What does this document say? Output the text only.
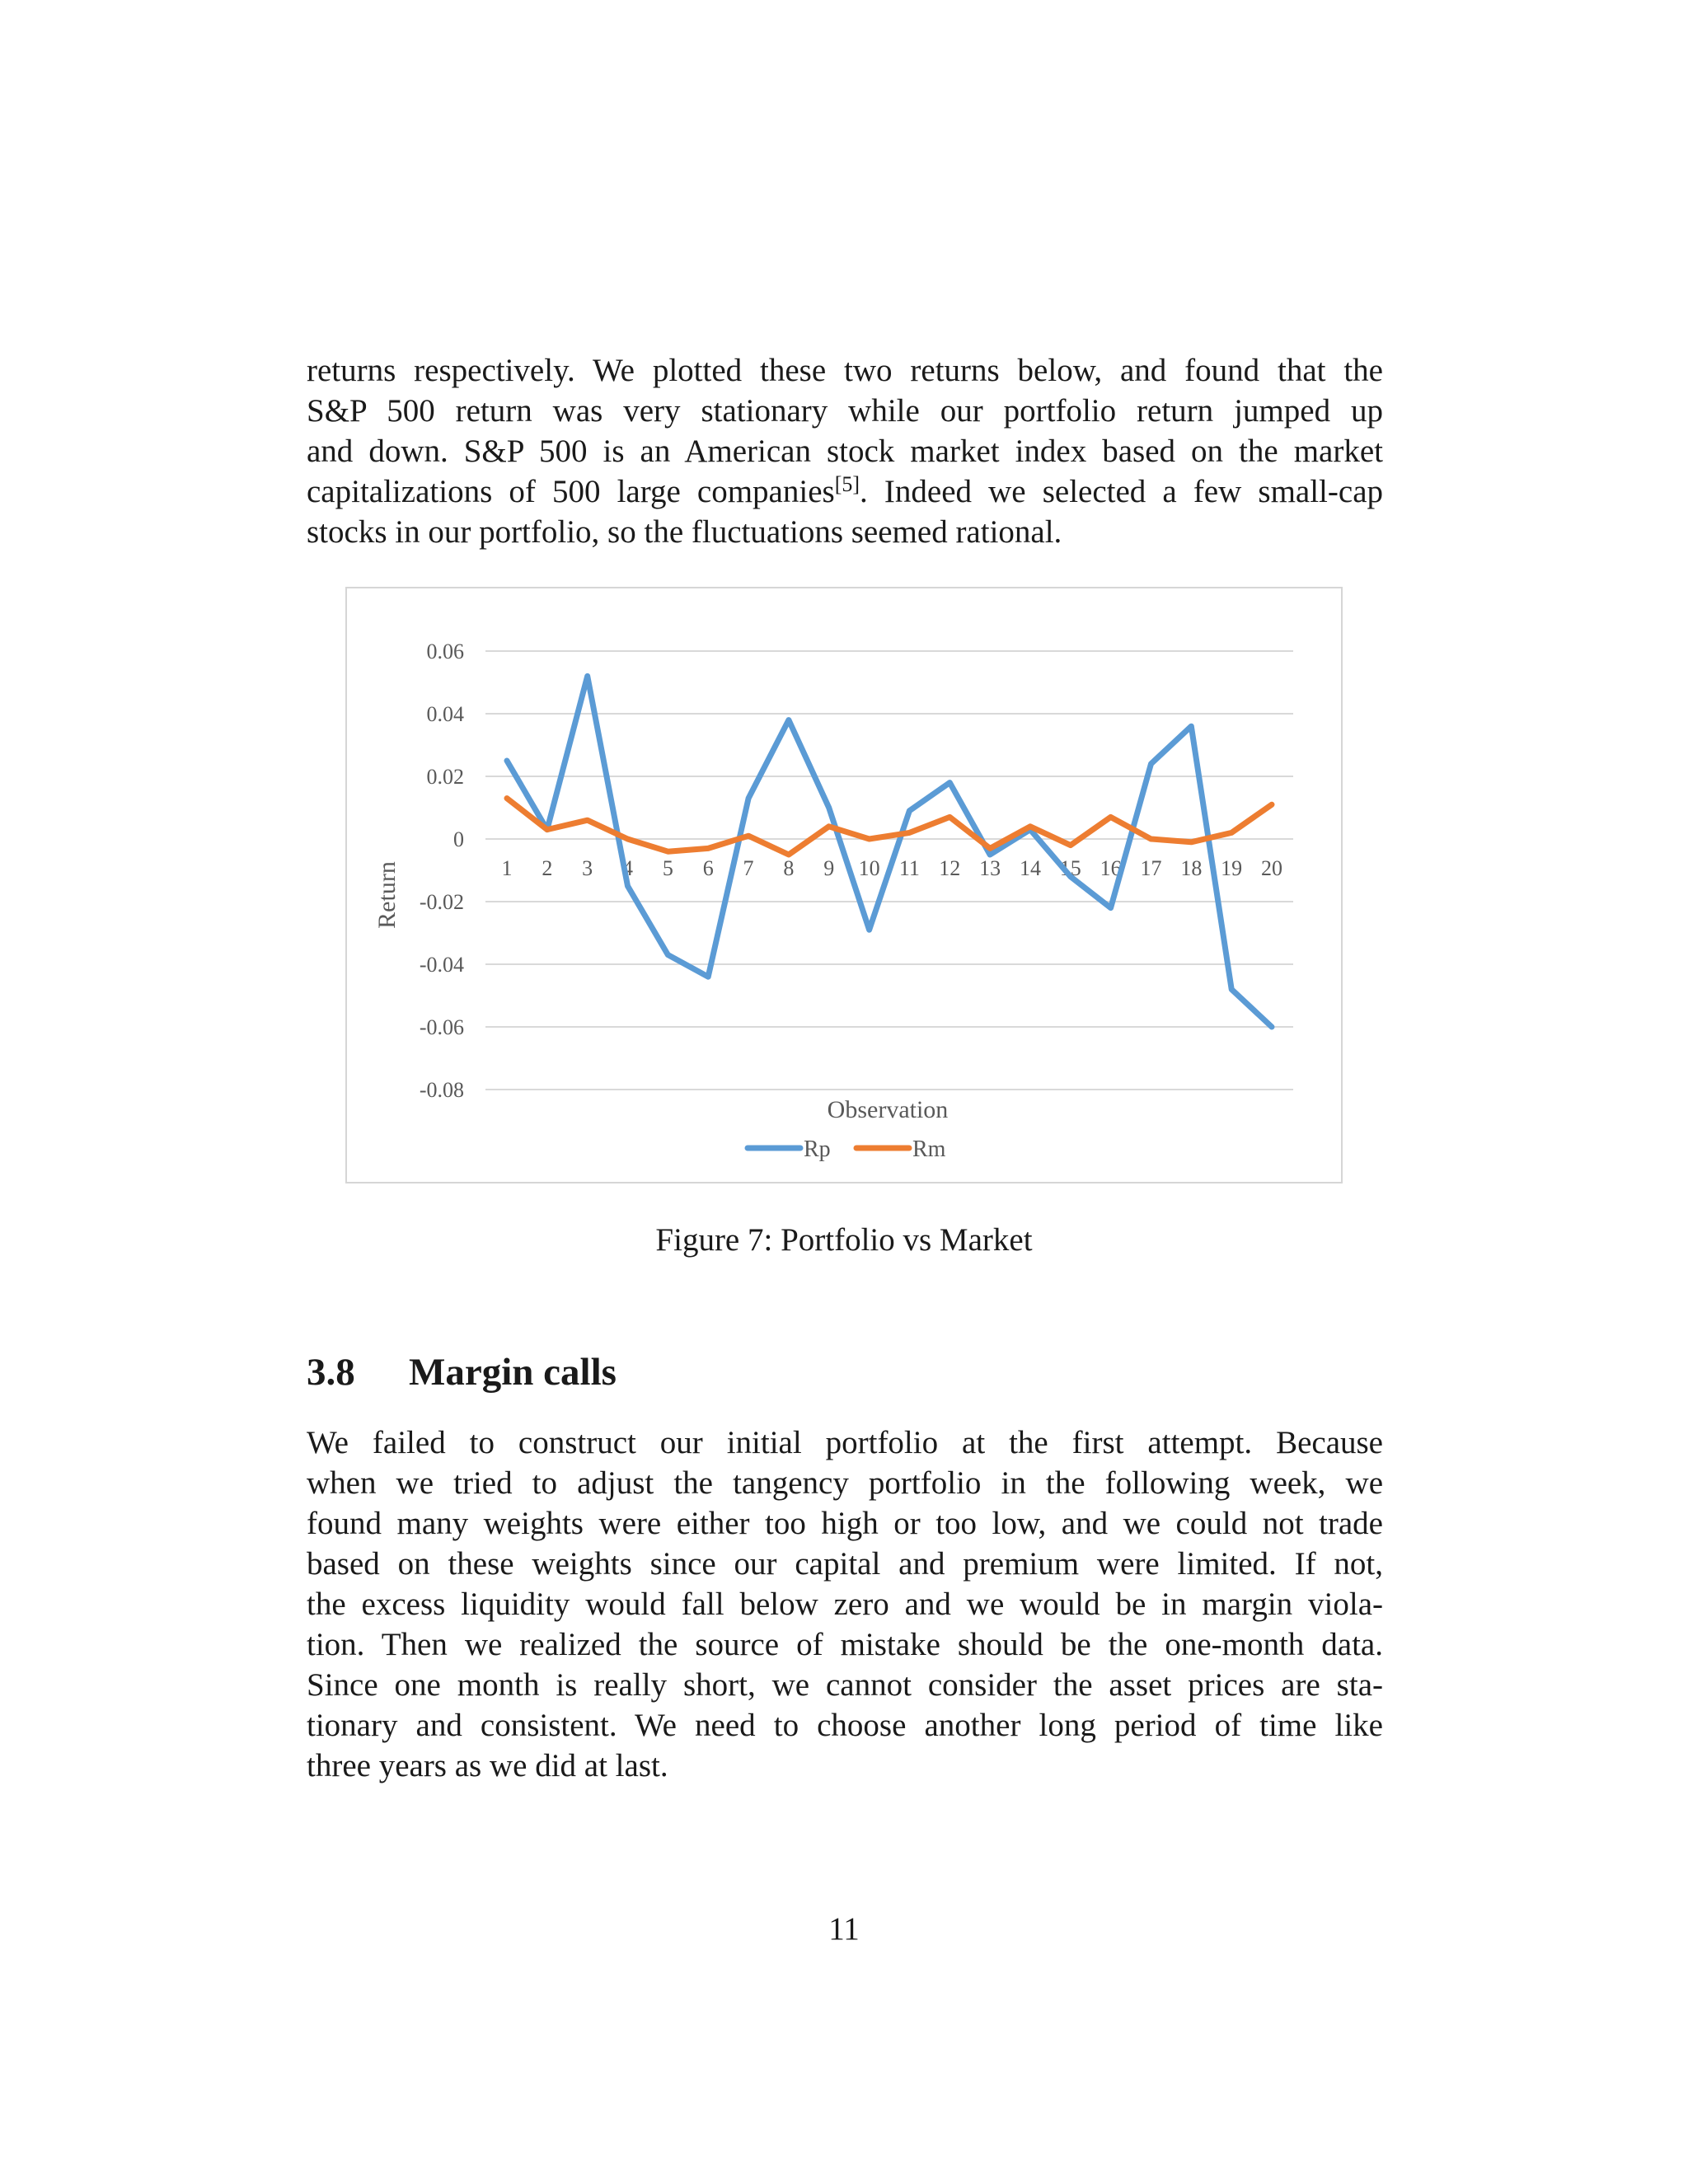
returns respectively. We plotted these two returns below, and found that the
S&P 500 return was very stationary while our portfolio return jumped up
and down. S&P 500 is an American stock market index based on the market
capitalizations of 500 large companies[5]. Indeed we selected a few small-cap
stocks in our portfolio, so the fluctuations seemed rational.
0.06
0.04
0.02
0
-0.02
-0.04
-0.06
-0.08
Return	1 2 3 4 5 6 7 8 9 10 11 12 13 14 15 16 17 18 19 20
Observation
Rp	Rm
Figure 7: Portfolio vs Market
3.8 Margin calls
We failed to construct our initial portfolio at the first attempt. Because
when we tried to adjust the tangency portfolio in the following week, we
found many weights were either too high or too low, and we could not trade
based on these weights since our capital and premium were limited. If not,
the excess liquidity would fall below zero and we would be in margin viola-
tion. Then we realized the source of mistake should be the one-month data.
Since one month is really short, we cannot consider the asset prices are sta-
tionary and consistent. We need to choose another long period of time like
three years as we did at last.
11
